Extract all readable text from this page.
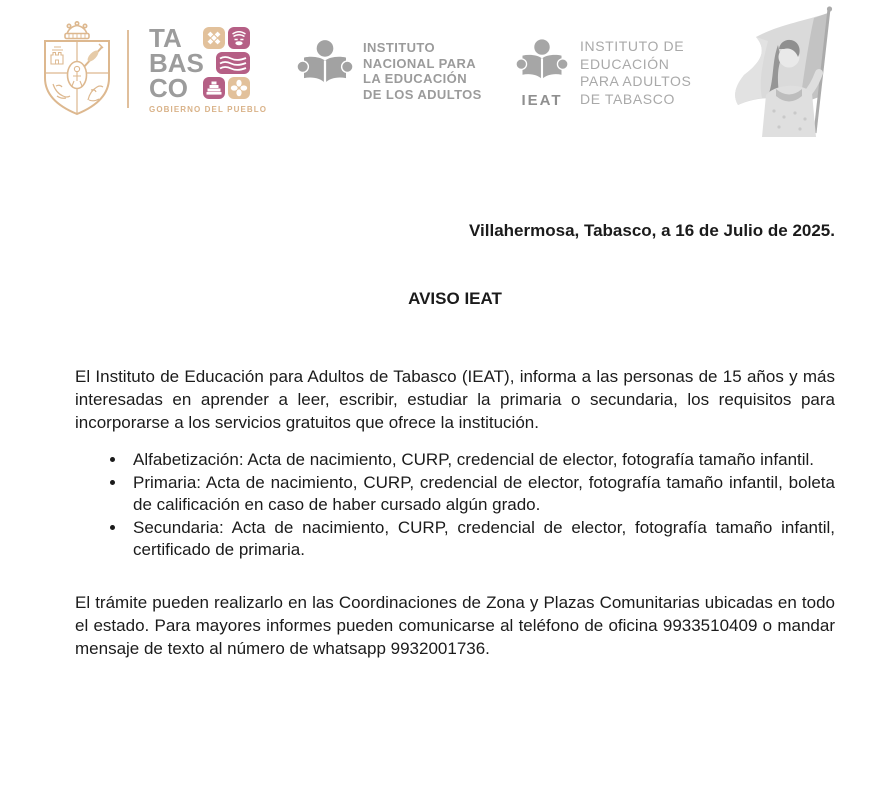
TA
BAS
CO
GOBIERNO DEL PUEBLO
INSTITUTO
NACIONAL PARA
LA EDUCACIÓN
DE LOS ADULTOS	IEAT
INSTITUTO DE
EDUCACIÓN
PARA ADULTOS
DE TABASCO
Villahermosa, Tabasco, a 16 de Julio de 2025.
AVISO IEAT

El Instituto de Educación para Adultos de Tabasco (IEAT), informa a las personas de 15 años y más interesadas en aprender a leer, escribir, estudiar la primaria o secundaria, los requisitos para incorporarse a los servicios gratuitos que ofrece la institución.

• Alfabetización: Acta de nacimiento, CURP, credencial de elector, fotografía tamaño infantil.
• Primaria: Acta de nacimiento, CURP, credencial de elector, fotografía tamaño infantil, boleta de calificación en caso de haber cursado algún grado.
• Secundaria: Acta de nacimiento, CURP, credencial de elector, fotografía tamaño infantil, certificado de primaria.

El trámite pueden realizarlo en las Coordinaciones de Zona y Plazas Comunitarias ubicadas en todo el estado. Para mayores informes pueden comunicarse al teléfono de oficina 9933510409 o mandar mensaje de texto al número de whatsapp 9932001736.
